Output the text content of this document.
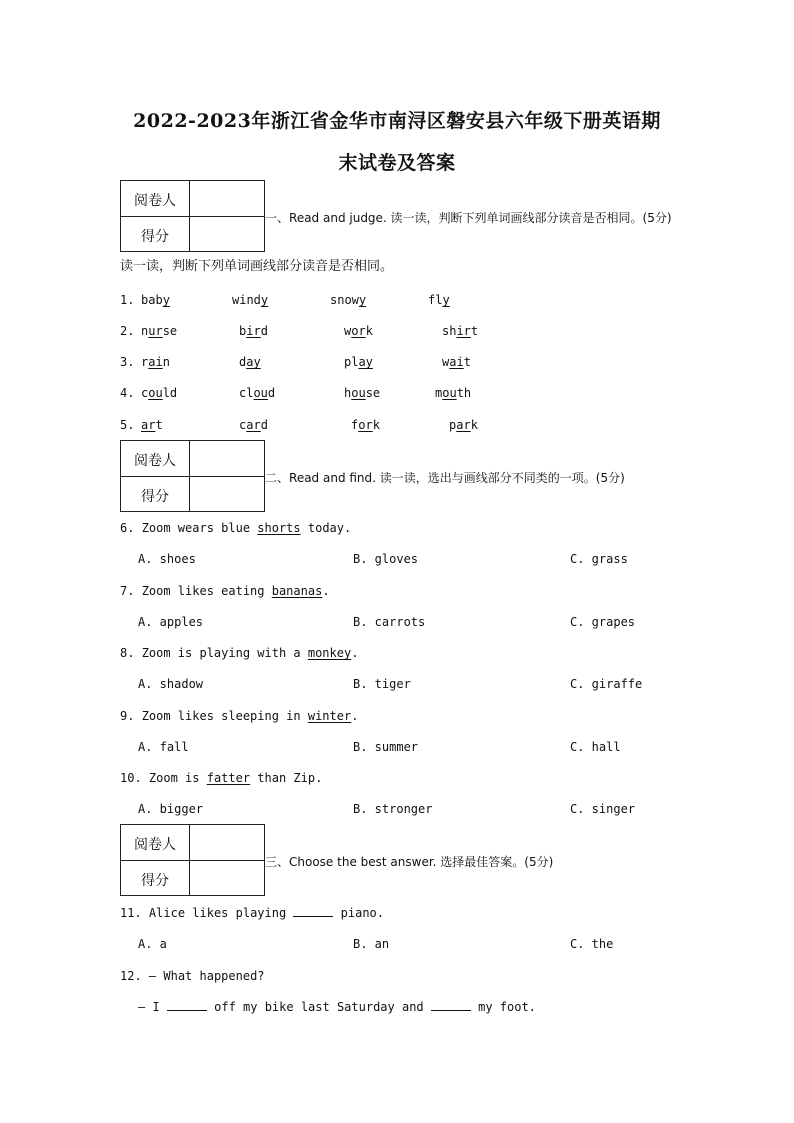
2022-2023年浙江省金华市南浔区磐安县六年级下册英语期
末试卷及答案
阅卷人
得分
一、Read and judge. 读一读，判断下列单词画线部分读音是否相同。(5分)
读一读，判断下列单词画线部分读音是否相同。
1. baby	windy	snowy	fly
2. nurse	bird	work	shirt
3. rain	day	play	wait
4. could	cloud	house	mouth
5. art	card	fork	park
阅卷人
得分
二、Read and find. 读一读，选出与画线部分不同类的一项。(5分)
6. Zoom wears blue shorts today.
A. shoes	B. gloves	C. grass
7. Zoom likes eating bananas.
A. apples	B. carrots	C. grapes
8. Zoom is playing with a monkey.
A. shadow	B. tiger	C. giraffe
9. Zoom likes sleeping in winter.
A. fall	B. summer	C. hall
10. Zoom is fatter than Zip.
A. bigger	B. stronger	C. singer
阅卷人
得分
三、Choose the best answer. 选择最佳答案。(5分)
11. Alice likes playing	piano.
A. a	B. an	C. the
12. — What happened?
— I	off my bike last Saturday and	my foot.
